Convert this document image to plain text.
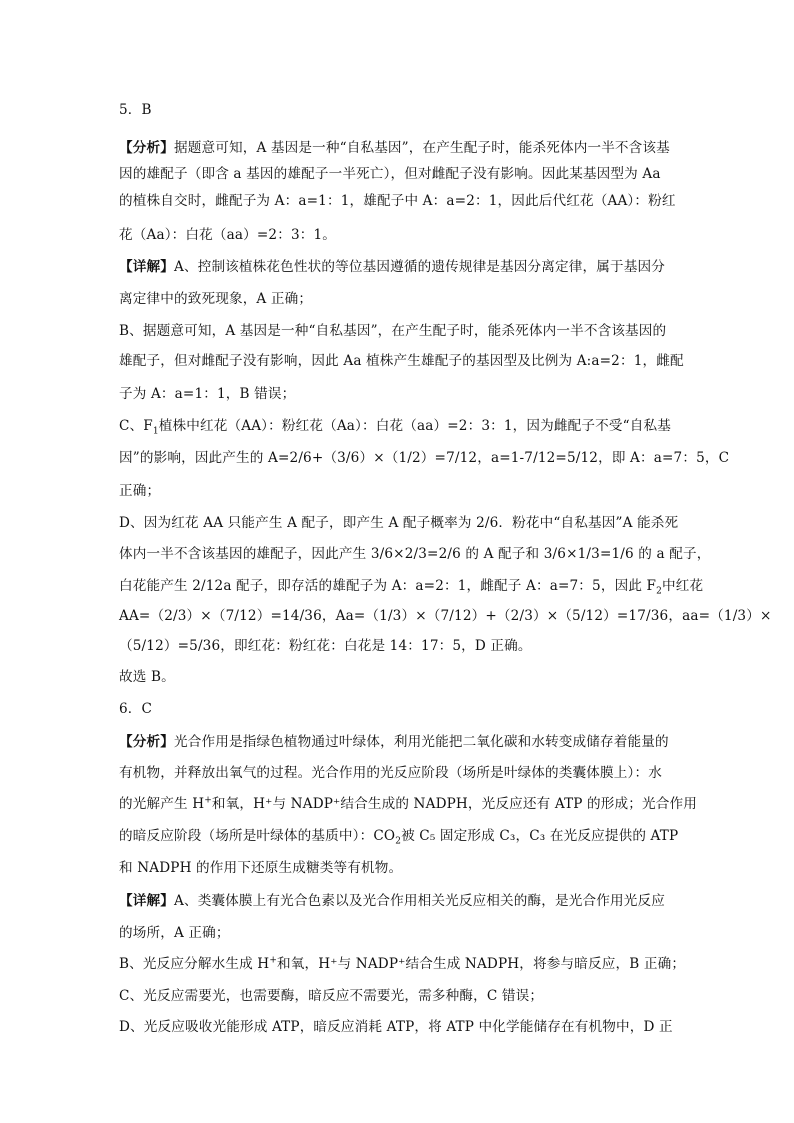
5．B
【分析】据题意可知，A 基因是一种“自私基因”，在产生配子时，能杀死体内一半不含该基
因的雄配子（即含 a 基因的雄配子一半死亡），但对雌配子没有影响。因此某基因型为 Aa
的植株自交时，雌配子为 A：a=1：1，雄配子中 A：a=2：1，因此后代红花（AA）：粉红
花（Aa）：白花（aa）=2：3：1。
【详解】A、控制该植株花色性状的等位基因遵循的遗传规律是基因分离定律，属于基因分
离定律中的致死现象，A 正确；
B、据题意可知，A 基因是一种“自私基因”，在产生配子时，能杀死体内一半不含该基因的
雄配子，但对雌配子没有影响，因此 Aa 植株产生雄配子的基因型及比例为 A:a=2：1，雌配
子为 A：a=1：1，B 错误；
C、$F_1$植株中红花（AA）：粉红花（Aa）：白花（aa）=2：3：1，因为雌配子不受“自私基
因”的影响，因此产生的 A=2/6+（3/6）×（1/2）=7/12，a=1-7/12=5/12，即 A：a=7：5，C
正确；
D、因为红花 AA 只能产生 A 配子，即产生 A 配子概率为 2/6．粉花中“自私基因”A 能杀死
体内一半不含该基因的雄配子，因此产生 3/6×2/3=2/6 的 A 配子和 3/6×1/3=1/6 的 a 配子，
白花能产生 2/12a 配子，即存活的雄配子为 A：a=2：1，雌配子 A：a=7：5，因此 $F_2$中红花
AA=（2/3）×（7/12）=14/36，Aa=（1/3）×（7/12）+（2/3）×（5/12）=17/36，aa=（1/3）×
（5/12）=5/36，即红花：粉红花：白花是 14：17：5，D 正确。
故选 B。
6．C
【分析】光合作用是指绿色植物通过叶绿体，利用光能把二氧化碳和水转变成储存着能量的
有机物，并释放出氧气的过程。光合作用的光反应阶段（场所是叶绿体的类囊体膜上）：水
的光解产生 H+和氧，H⁺与 NADP⁺结合生成的 NADPH，光反应还有 ATP 的形成；光合作用
的暗反应阶段（场所是叶绿体的基质中）：$CO_2$被 C₅ 固定形成 C₃，C₃ 在光反应提供的 ATP
和 NADPH 的作用下还原生成糖类等有机物。
【详解】A、类囊体膜上有光合色素以及光合作用相关光反应相关的酶，是光合作用光反应
的场所，A 正确；
B、光反应分解水生成 H+和氧，H⁺与 NADP⁺结合生成 NADPH，将参与暗反应，B 正确；
C、光反应需要光，也需要酶，暗反应不需要光，需多种酶，C 错误；
D、光反应吸收光能形成 ATP，暗反应消耗 ATP，将 ATP 中化学能储存在有机物中，D 正
